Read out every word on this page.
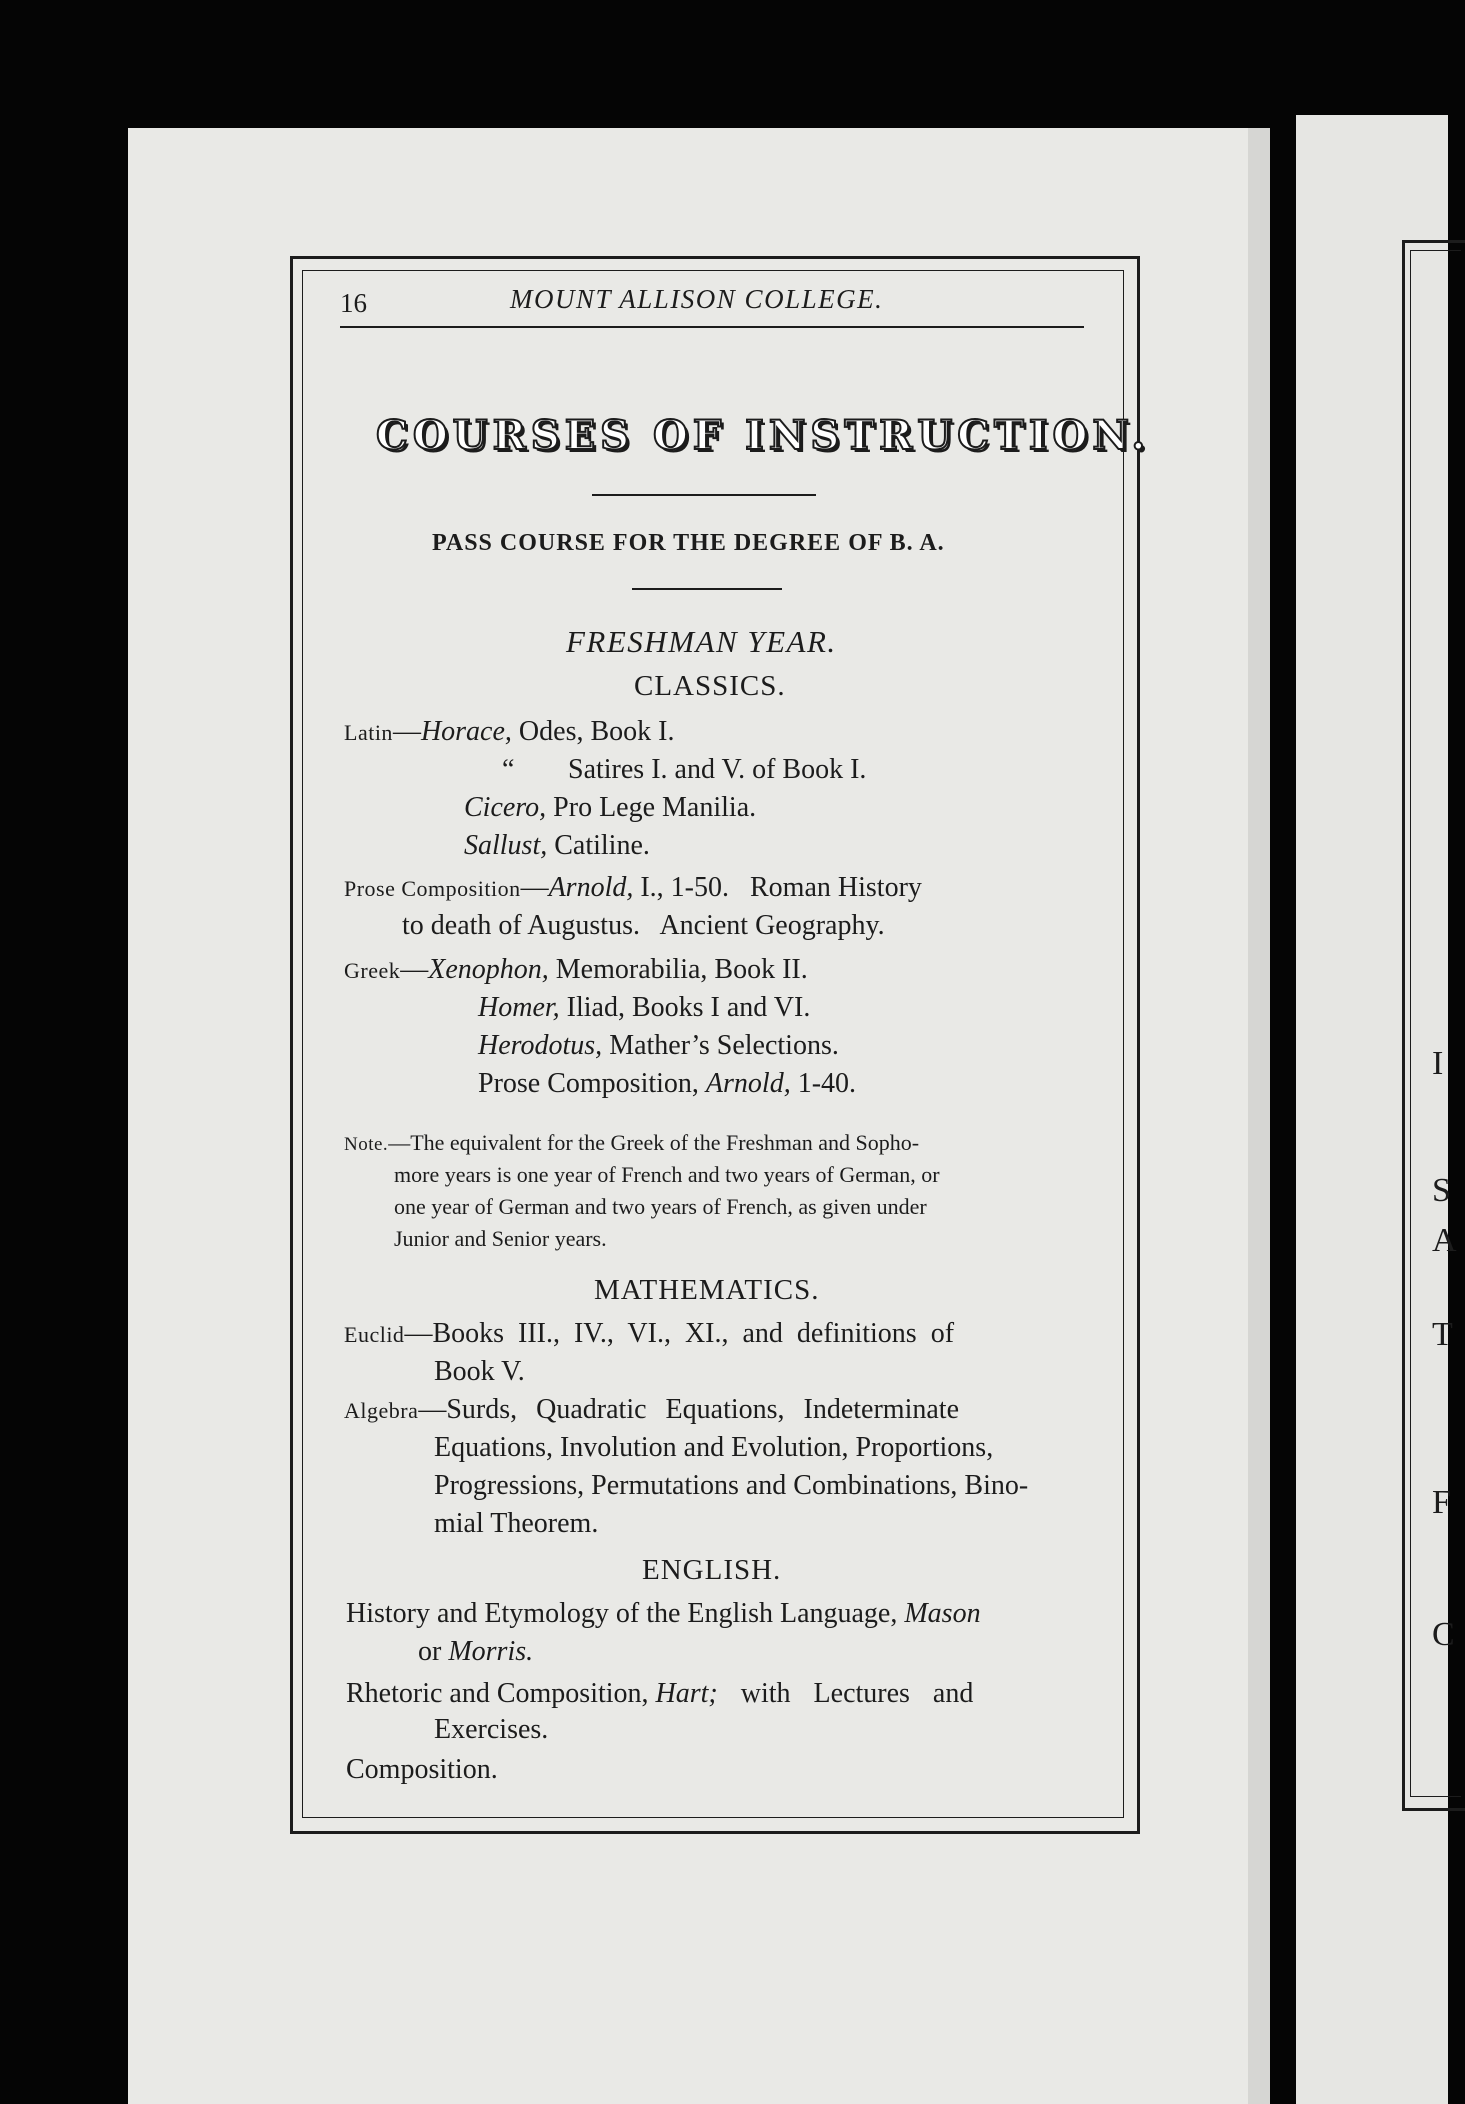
I
S
A
T
F
C
16	MOUNT ALLISON COLLEGE.
COURSES OF INSTRUCTION.
PASS COURSE FOR THE DEGREE OF B. A.
FRESHMAN YEAR.
CLASSICS.
Latin—Horace, Odes, Book I.
“ Satires I. and V. of Book I.
Cicero, Pro Lege Manilia.
Sallust, Catiline.
Prose Composition—Arnold, I., 1-50.   Roman History
to death of Augustus.   Ancient Geography.
Greek—Xenophon, Memorabilia, Book II.
Homer, Iliad, Books I and VI.
Herodotus, Mather’s Selections.
Prose Composition, Arnold, 1-40.
Note.—The equivalent for the Greek of the Freshman and Sopho-
more years is one year of French and two years of German, or
one year of German and two years of French, as given under
Junior and Senior years.
MATHEMATICS.
Euclid—Books III., IV., VI., XI., and definitions of
Book V.
Algebra—Surds, Quadratic Equations, Indeterminate
Equations, Involution and Evolution, Proportions,
Progressions, Permutations and Combinations, Bino-
mial Theorem.
ENGLISH.
History and Etymology of the English Language, Mason
or Morris.
Rhetoric and Composition, Hart; with Lectures and
Exercises.
Composition.
